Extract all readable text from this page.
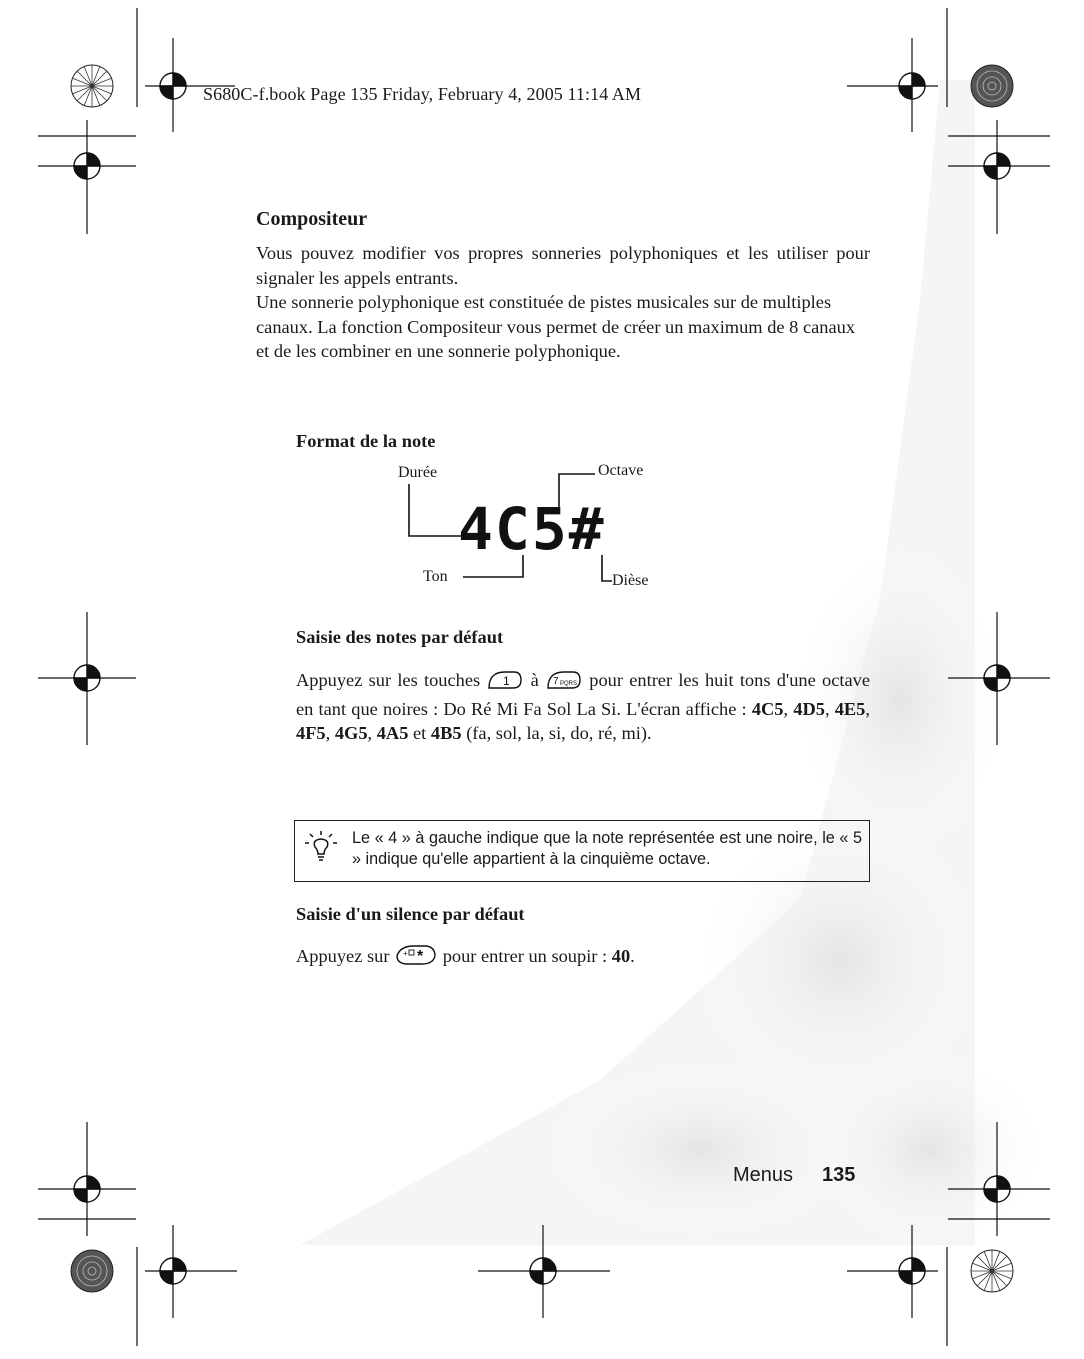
S680C-f.book Page 135 Friday, February 4, 2005 11:14 AM
Compositeur

Vous pouvez modifier vos propres sonneries polyphoniques et les utiliser pour signaler les appels entrants.

Une sonnerie polyphonique est constituée de pistes musicales sur de multiples canaux. La fonction Compositeur vous permet de créer un maximum de 8 canaux et de les combiner en une sonnerie polyphonique.

Format de la note
Durée	Octave
Ton	Dièse
4C5#
Saisie des notes par défaut
Appuyez sur les touches 1 à 7 PQRS pour entrer les huit tons d'une octave en tant que noires : Do Ré Mi Fa Sol La Si. L'écran affiche : 4C5, 4D5, 4E5, 4F5, 4G5, 4A5 et 4B5 (fa, sol, la, si, do, ré, mi).
Le « 4 » à gauche indique que la note représentée est une noire, le « 5 » indique qu'elle appartient à la cinquième octave.
Saisie d'un silence par défaut
Appuyez sur + * pour entrer un soupir : 40.
Menus 135
